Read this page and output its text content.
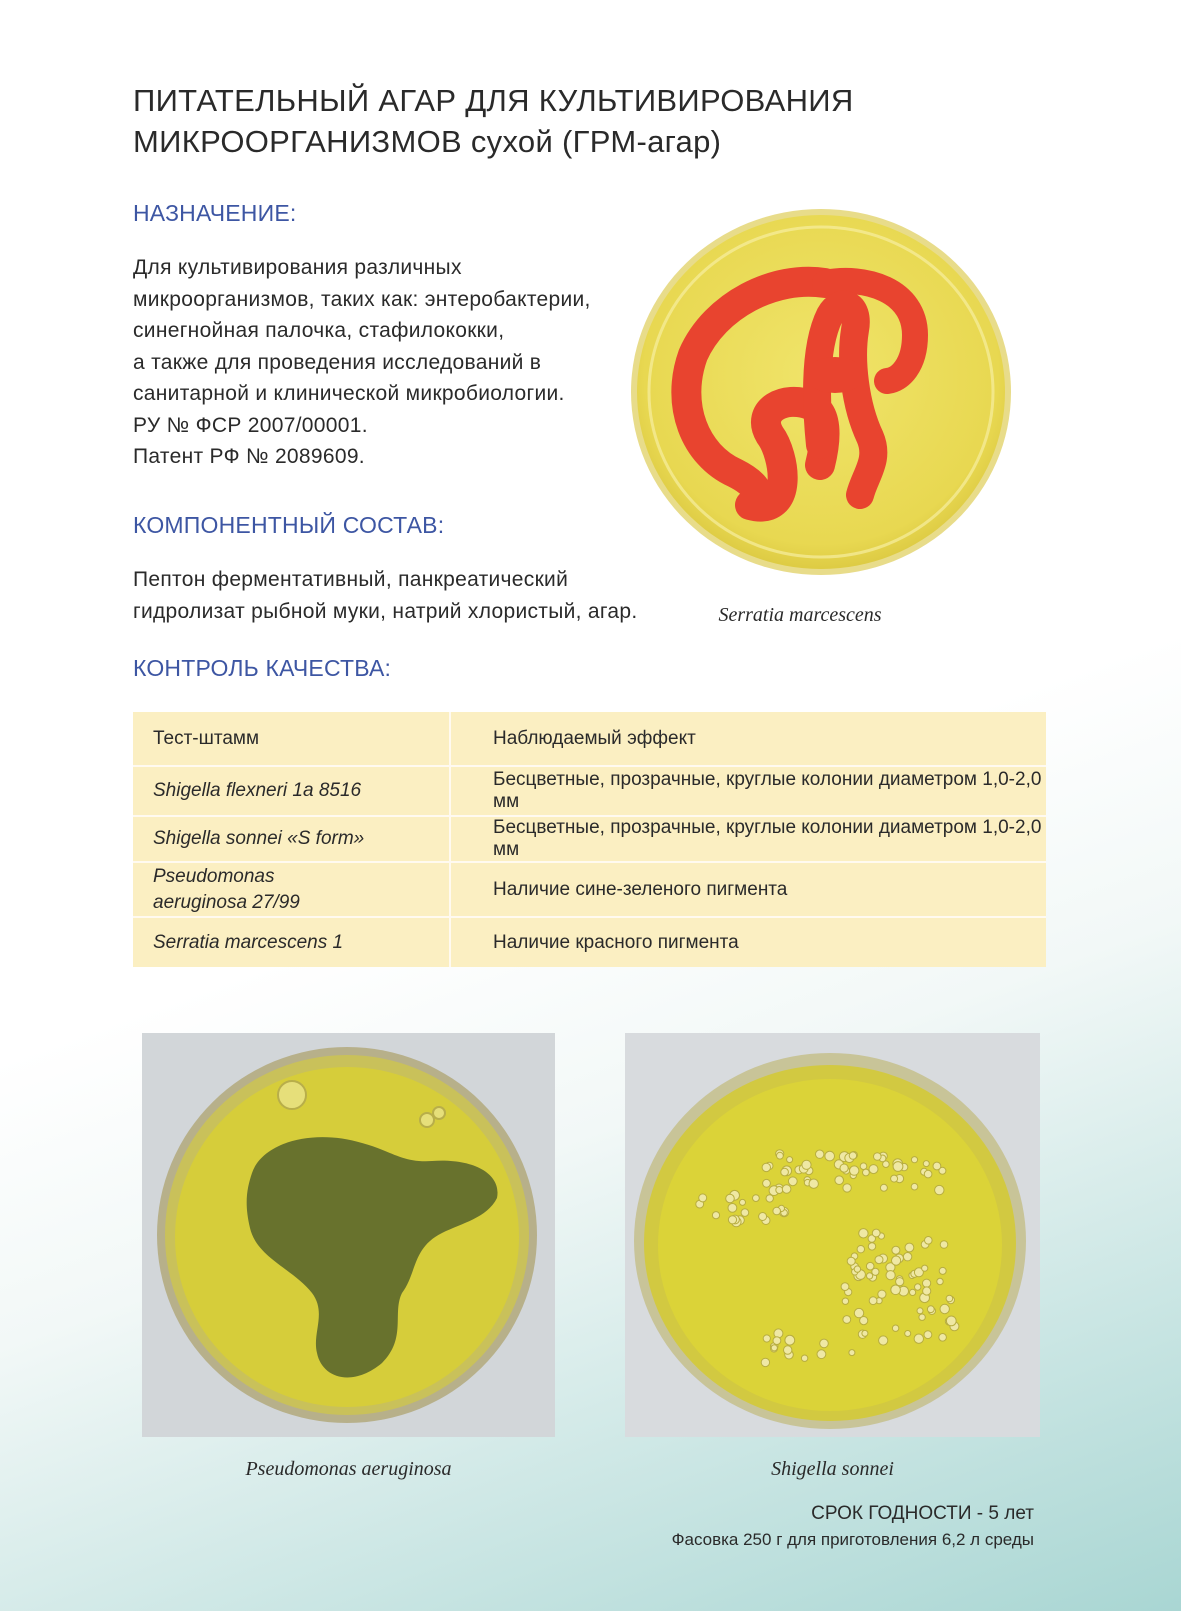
ПИТАТЕЛЬНЫЙ АГАР ДЛЯ КУЛЬТИВИРОВАНИЯ
МИКРООРГАНИЗМОВ сухой (ГРМ-агар)
НАЗНАЧЕНИЕ:
Для культивирования различных
микроорганизмов, таких как: энтеробактерии,
синегнойная палочка, стафилококки,
а также для проведения исследований в
санитарной и клинической микробиологии.
РУ № ФСР 2007/00001.
Патент РФ № 2089609.
КОМПОНЕНТНЫЙ СОСТАВ:
Пептон ферментативный, панкреатический
гидролизат рыбной муки, натрий хлористый, агар.	Serratia marcescens
КОНТРОЛЬ КАЧЕСТВА:
Тест-штамм	Наблюдаемый эффект
Shigella flexneri 1a 8516	Бесцветные, прозрачные, круглые колонии диаметром 1,0-2,0 мм
Shigella sonnei «S form»	Бесцветные, прозрачные, круглые колонии диаметром 1,0-2,0 мм

Pseudomonas
aeruginosa 27/99	Наличие сине-зеленого пигмента
Serratia marcescens 1	Наличие красного пигмента
Pseudomonas aeruginosa	Shigella sonnei
СРОК ГОДНОСТИ - 5 лет
Фасовка 250 г для приготовления 6,2 л среды
